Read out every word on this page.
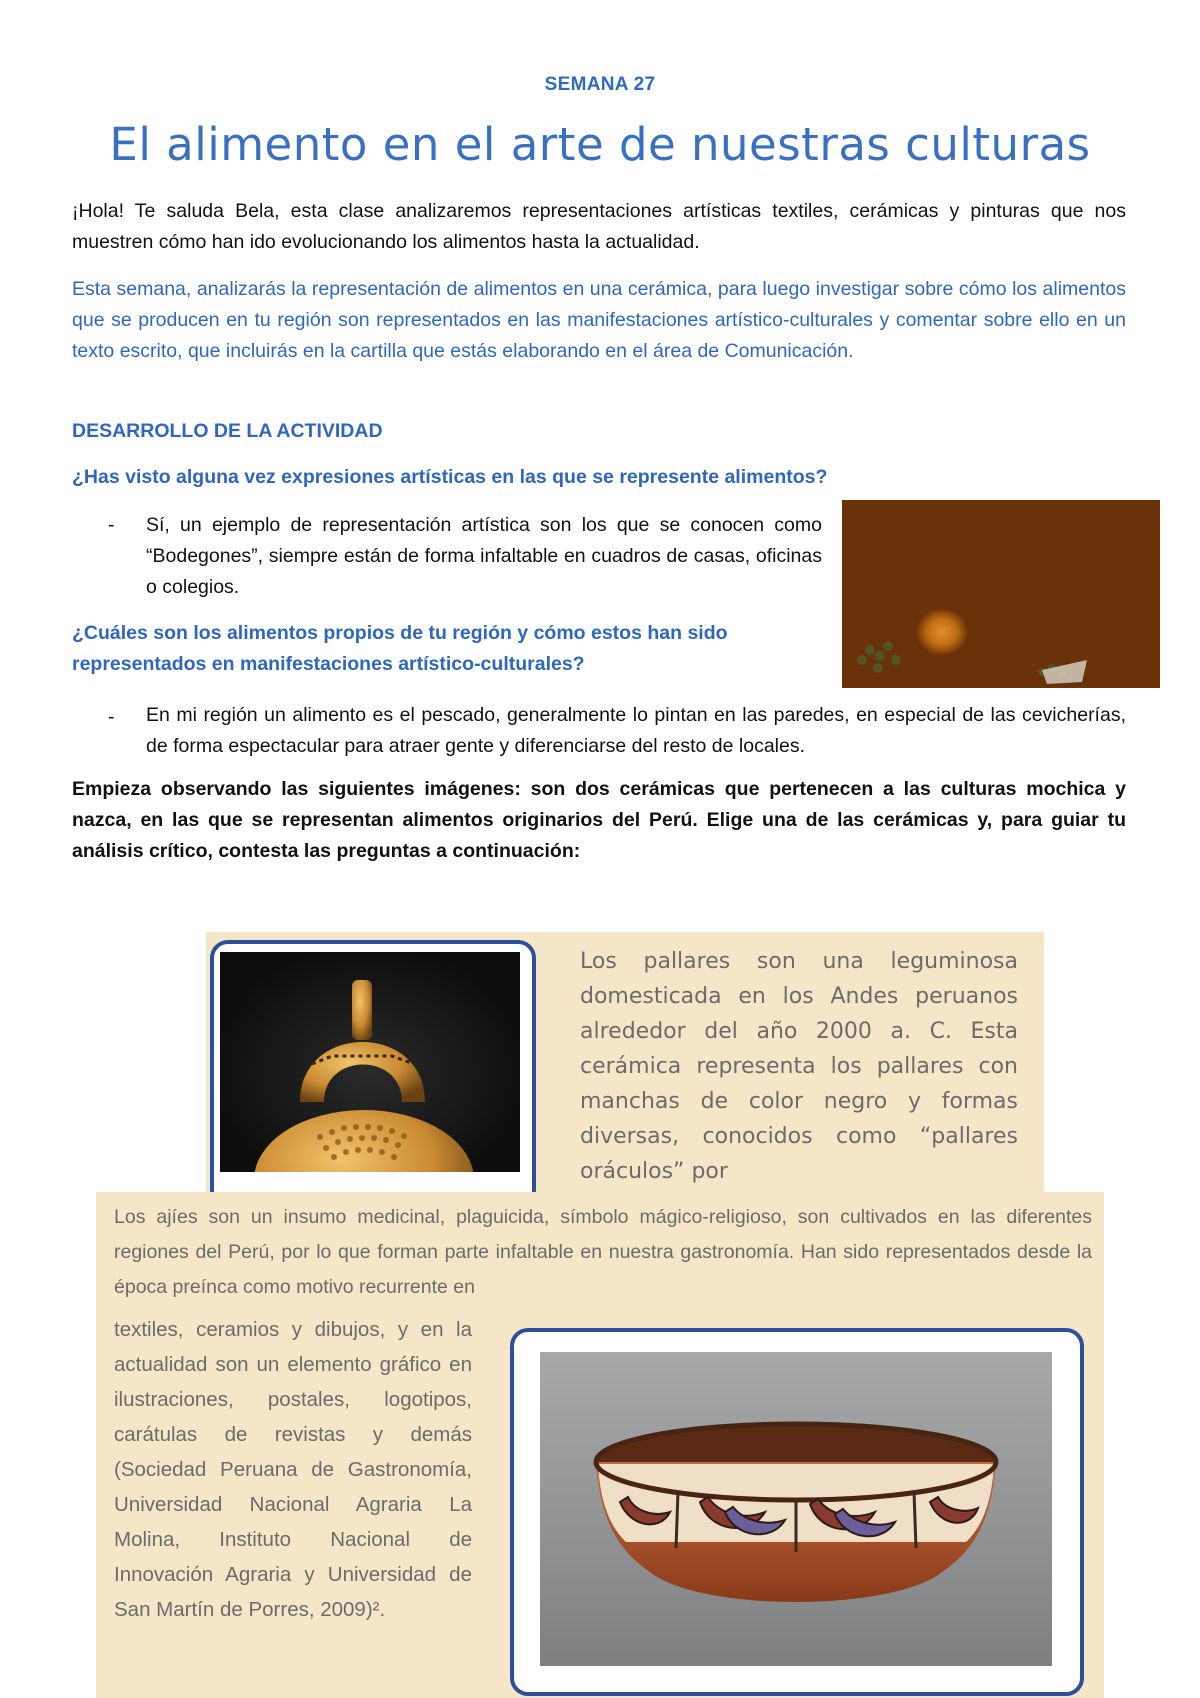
SEMANA 27
El alimento en el arte de nuestras culturas
¡Hola! Te saluda Bela, esta clase analizaremos representaciones artísticas textiles, cerámicas y pinturas que nos muestren cómo han ido evolucionando los alimentos hasta la actualidad.
Esta semana, analizarás la representación de alimentos en una cerámica, para luego investigar sobre cómo los alimentos que se producen en tu región son representados en las manifestaciones artístico-culturales y comentar sobre ello en un texto escrito, que incluirás en la cartilla que estás elaborando en el área de Comunicación.
DESARROLLO DE LA ACTIVIDAD
¿Has visto alguna vez expresiones artísticas en las que se represente alimentos?
- Sí, un ejemplo de representación artística son los que se conocen como “Bodegones”, siempre están de forma infaltable en cuadros de casas, oficinas o colegios.
¿Cuáles son los alimentos propios de tu región y cómo estos han sido representados en manifestaciones artístico-culturales?
- En mi región un alimento es el pescado, generalmente lo pintan en las paredes, en especial de las cevicherías, de forma espectacular para atraer gente y diferenciarse del resto de locales.
Empieza observando las siguientes imágenes: son dos cerámicas que pertenecen a las culturas mochica y nazca, en las que se representan alimentos originarios del Perú. Elige una de las cerámicas y, para guiar tu análisis crítico, contesta las preguntas a continuación:
Los pallares son una leguminosa domesticada en los Andes peruanos alrededor del año 2000 a. C. Esta cerámica representa los pallares con manchas de color negro y formas diversas, conocidos como “pallares oráculos” por
Los ajíes son un insumo medicinal, plaguicida, símbolo mágico-religioso, son cultivados en las diferentes regiones del Perú, por lo que forman parte infaltable en nuestra gastronomía. Han sido representados desde la época preínca como motivo recurrente en
textiles, ceramios y dibujos, y en la actualidad son un elemento gráfico en ilustraciones, postales, logotipos, carátulas de revistas y demás (Sociedad Peruana de Gastronomía, Universidad Nacional Agraria La Molina, Instituto Nacional de Innovación Agraria y Universidad de San Martín de Porres, 2009)².
